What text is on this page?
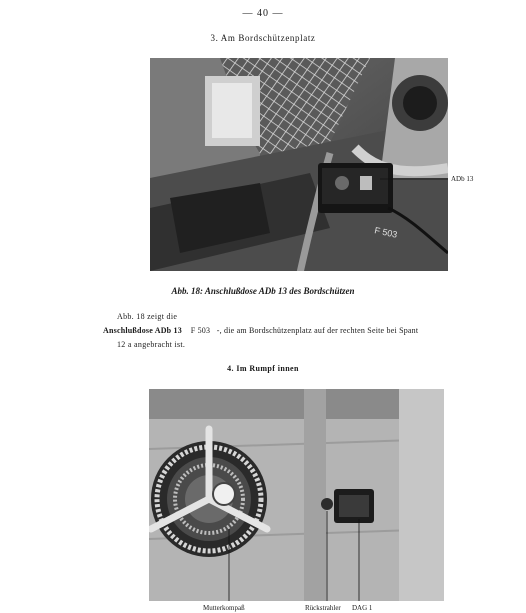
— 40 —
3. Am Bordschützenplatz
F 503
ADb 13
Abb. 18: Anschlußdose ADb 13 des Bordschützen
Abb. 18 zeigt die
Anschlußdose ADb 13    F 503   -, die am Bordschützenplatz auf der rechten Seite bei Spant
12 a angebracht ist.
4. Im Rumpf innen
Mutterkompaß	Rückstrahler DAG 1
